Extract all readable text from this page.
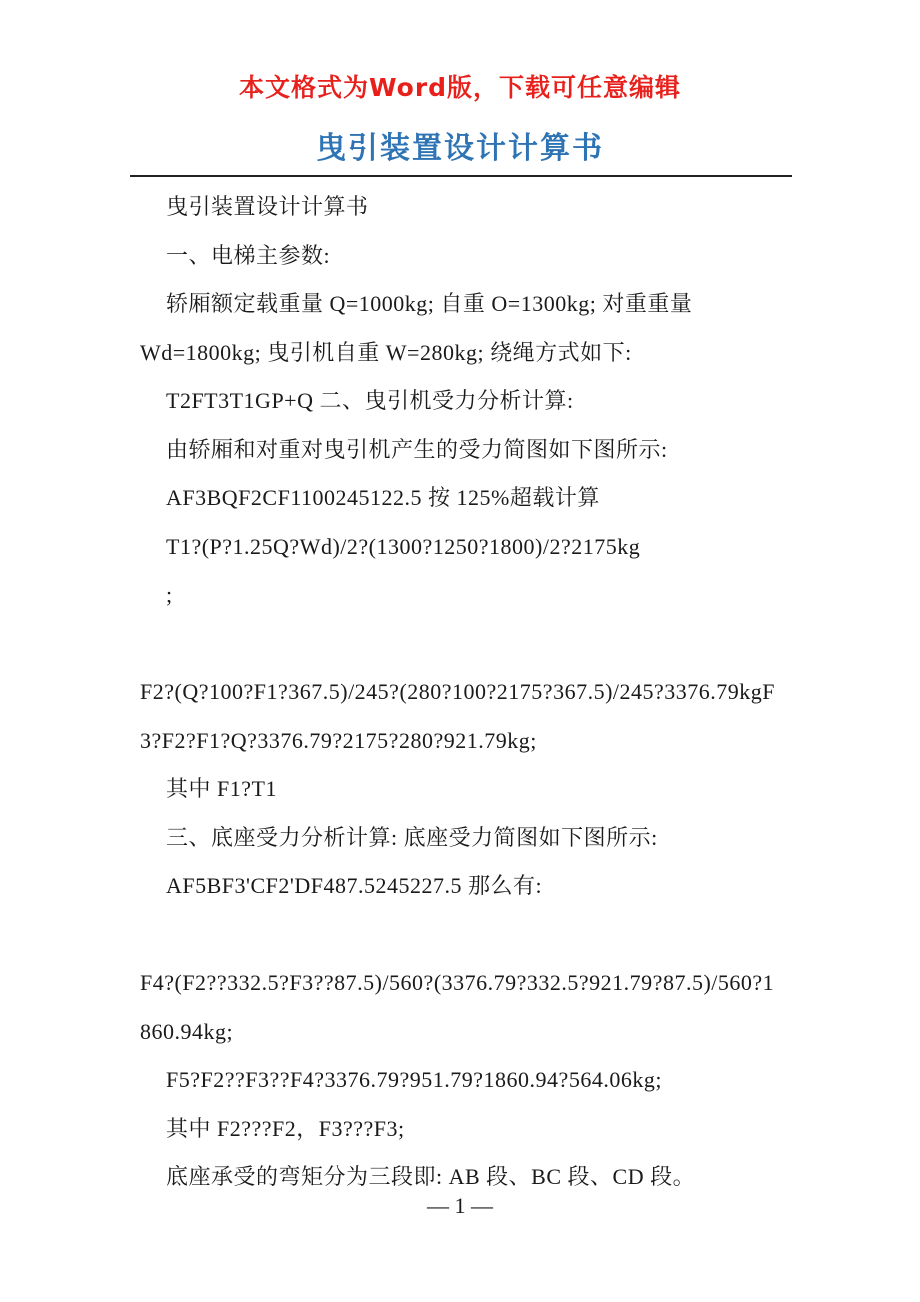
本文格式为Word版，下载可任意编辑
曳引装置设计计算书

曳引装置设计计算书

一、电梯主参数:

轿厢额定载重量 Q=1000kg; 自重 O=1300kg; 对重重量

Wd=1800kg; 曳引机自重 W=280kg; 绕绳方式如下:

T2FT3T1GP+Q 二、曳引机受力分析计算:

由轿厢和对重对曳引机产生的受力简图如下图所示:

AF3BQF2CF1100245122.5 按 125%超载计算

T1?(P?1.25Q?Wd)/2?(1300?1250?1800)/2?2175kg

;

F2?(Q?100?F1?367.5)/245?(280?100?2175?367.5)/245?3376.79kgF

3?F2?F1?Q?3376.79?2175?280?921.79kg;

其中 F1?T1

三、底座受力分析计算: 底座受力简图如下图所示:

AF5BF3'CF2'DF487.5245227.5 那么有:

F4?(F2??332.5?F3??87.5)/560?(3376.79?332.5?921.79?87.5)/560?1

860.94kg;

F5?F2??F3??F4?3376.79?951.79?1860.94?564.06kg;

其中 F2???F2，F3???F3;

底座承受的弯矩分为三段即: AB 段、BC 段、CD 段。

— 1 —
